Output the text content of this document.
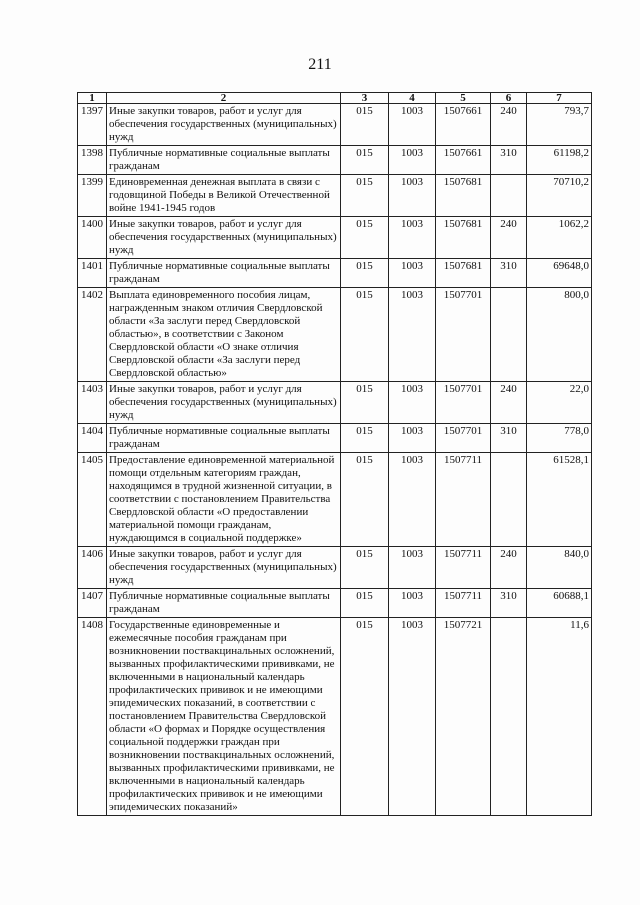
211
1	2	3	4	5	6	7
1397	Иные закупки товаров, работ и услуг для обеспечения государственных (муниципальных) нужд	015	1003	1507661	240	793,7
1398	Публичные нормативные социальные выплаты гражданам	015	1003	1507661	310	61198,2
1399	Единовременная денежная выплата в связи с годовщиной Победы в Великой Отечественной войне 1941-1945 годов	015	1003	1507681		70710,2
1400	Иные закупки товаров, работ и услуг для обеспечения государственных (муниципальных) нужд	015	1003	1507681	240	1062,2
1401	Публичные нормативные социальные выплаты гражданам	015	1003	1507681	310	69648,0
1402	Выплата единовременного пособия лицам, награжденным знаком отличия Свердловской области «За заслуги перед Свердловской областью», в соответствии с Законом Свердловской области «О знаке отличия Свердловской области «За заслуги перед Свердловской областью»	015	1003	1507701		800,0
1403	Иные закупки товаров, работ и услуг для обеспечения государственных (муниципальных) нужд	015	1003	1507701	240	22,0
1404	Публичные нормативные социальные выплаты гражданам	015	1003	1507701	310	778,0
1405	Предоставление единовременной материальной помощи отдельным категориям граждан, находящимся в трудной жизненной ситуации, в соответствии с постановлением Правительства Свердловской области «О предоставлении материальной помощи гражданам, нуждающимся в социальной поддержке»	015	1003	1507711		61528,1
1406	Иные закупки товаров, работ и услуг для обеспечения государственных (муниципальных) нужд	015	1003	1507711	240	840,0
1407	Публичные нормативные социальные выплаты гражданам	015	1003	1507711	310	60688,1
1408	Государственные единовременные и ежемесячные пособия гражданам при возникновении поствакцинальных осложнений, вызванных профилактическими прививками, не включенными в национальный календарь профилактических прививок и не имеющими эпидемических показаний, в соответствии с постановлением Правительства Свердловской области «О формах и Порядке осуществления социальной поддержки граждан при возникновении поствакцинальных осложнений, вызванных профилактическими прививками, не включенными в национальный календарь профилактических прививок и не имеющими эпидемических показаний»	015	1003	1507721		11,6
